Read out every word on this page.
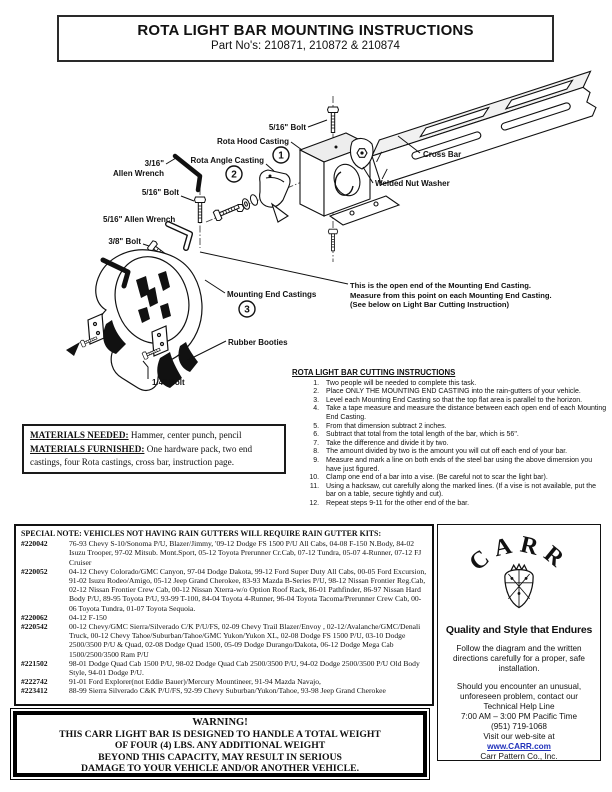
ROTA LIGHT BAR MOUNTING INSTRUCTIONS
Part No's: 210871, 210872 & 210874
1
2
3
5/16" Bolt
Cross Bar
Rota Hood Casting
Rota Angle Casting
Welded Nut Washer
3/16"
Allen Wrench
5/16" Bolt
5/16" Allen Wrench
3/8" Bolt
Mounting End Castings
Rubber Booties
1/4" Bolt
This is the open end of the Mounting End Casting.
Measure from this point on each Mounting End Casting.
(See below on Light Bar Cutting Instruction)
MATERIALS NEEDED: Hammer, center punch, pencil
MATERIALS FURNISHED: One hardware pack, two end castings, four Rota castings, cross bar, instruction page.
ROTA LIGHT BAR CUTTING INSTRUCTIONS
1. Two people will be needed to complete this task.
2. Place ONLY THE MOUNTING END CASTING into the rain-gutters of your vehicle.
3. Level each Mounting End Casting so that the top flat area is parallel to the horizon.
4. Take a tape measure and measure the distance between each open end of each Mounting End Casting.
5. From that dimension subtract 2 inches.
6. Subtract that total from the total length of the bar, which is 56".
7. Take the difference and divide it by two.
8. The amount divided by two is the amount you will cut off each end of your bar.
9. Measure and mark a line on both ends of the steel bar using the above dimension you have just figured.
10. Clamp one end of a bar into a vise. (Be careful not to scar the light bar).
11. Using a hacksaw, cut carefully along the marked lines. (If a vise is not available, put the bar on a table, secure tightly and cut).
12. Repeat steps 9-11 for the other end of the bar.

SPECIAL NOTE: VEHICLES NOT HAVING RAIN GUTTERS WILL REQUIRE RAIN GUTTER KITS:

#220042	76-93 Chevy S-10/Sonoma P/U, Blazer/Jimmy, '09-12 Dodge FS 1500 P/U All Cabs, 04-08 F-150 N.Body, 84-02 Isuzu Trooper, 97-02 Mitsub. Mont.Sport, 05-12 Toyota Prerunner Cr.Cab, 07-12 Tundra, 05-07 4-Runner, 07-12 FJ Cruiser
#220052	04-12 Chevy Colorado/GMC Canyon, 97-04 Dodge Dakota, 99-12 Ford Super Duty All Cabs, 00-05 Ford Excursion, 91-02 Isuzu Rodeo/Amigo, 05-12 Jeep Grand Cherokee, 83-93 Mazda B-Series P/U, 98-12 Nissan Frontier Reg.Cab, 02-12 Nissan Frontier Crew Cab, 00-12 Nissan Xterra-w/o Option Roof Rack, 86-01 Pathfinder, 86-97 Nissan Hard Body P/U, 89-95 Toyota P/U, 93-99 T-100, 84-04 Toyota 4-Runner, 96-04 Toyota Tacoma/Prerunner Crew Cab, 00-06 Toyota Tundra, 01-07 Toyota Sequoia.
#220062	04-12 F-150
#220542	00-12 Chevy/GMC Sierra/Silverado C/K P/U/FS, 02-09 Chevy Trail Blazer/Envoy , 02-12/Avalanche/GMC/Denali Truck, 00-12 Chevy Tahoe/Suburban/Tahoe/GMC Yukon/Yukon XL, 02-08 Dodge FS 1500 P/U, 03-10 Dodge 2500/3500 P/U & Quad, 02-08 Dodge Quad 1500, 05-09 Dodge Durango/Dakota, 06-12 Dodge Mega Cab 1500/2500/3500 Ram P/U
#221502	98-01 Dodge Quad Cab 1500 P/U, 98-02 Dodge Quad Cab 2500/3500 P/U, 94-02 Dodge 2500/3500 P/U Old Body Style, 94-01 Dodge P/U.
#222742	91-01 Ford Explorer(not Eddie Bauer)/Mercury Mountineer, 91-94 Mazda Navajo,
#223412	88-99 Sierra Silverado C&K P/U/FS, 92-99 Chevy Suburban/Yukon/Tahoe, 93-98 Jeep Grand Cherokee
CARR
Quality and Style that Endures

Follow the diagram and the written directions carefully for a proper, safe installation.

Should you encounter an unusual, unforeseen problem, contact our Technical Help Line

7:00 AM – 3:00 PM Pacific Time
(951) 719-1068
Visit our web-site at
www.CARR.com
Carr Pattern Co., Inc.
WARNING!
THIS CARR LIGHT BAR IS DESIGNED TO HANDLE A TOTAL WEIGHT
OF FOUR (4) LBS. ANY ADDITIONAL WEIGHT
BEYOND THIS CAPACITY, MAY RESULT IN SERIOUS
DAMAGE TO YOUR VEHICLE AND/OR ANOTHER VEHICLE.
